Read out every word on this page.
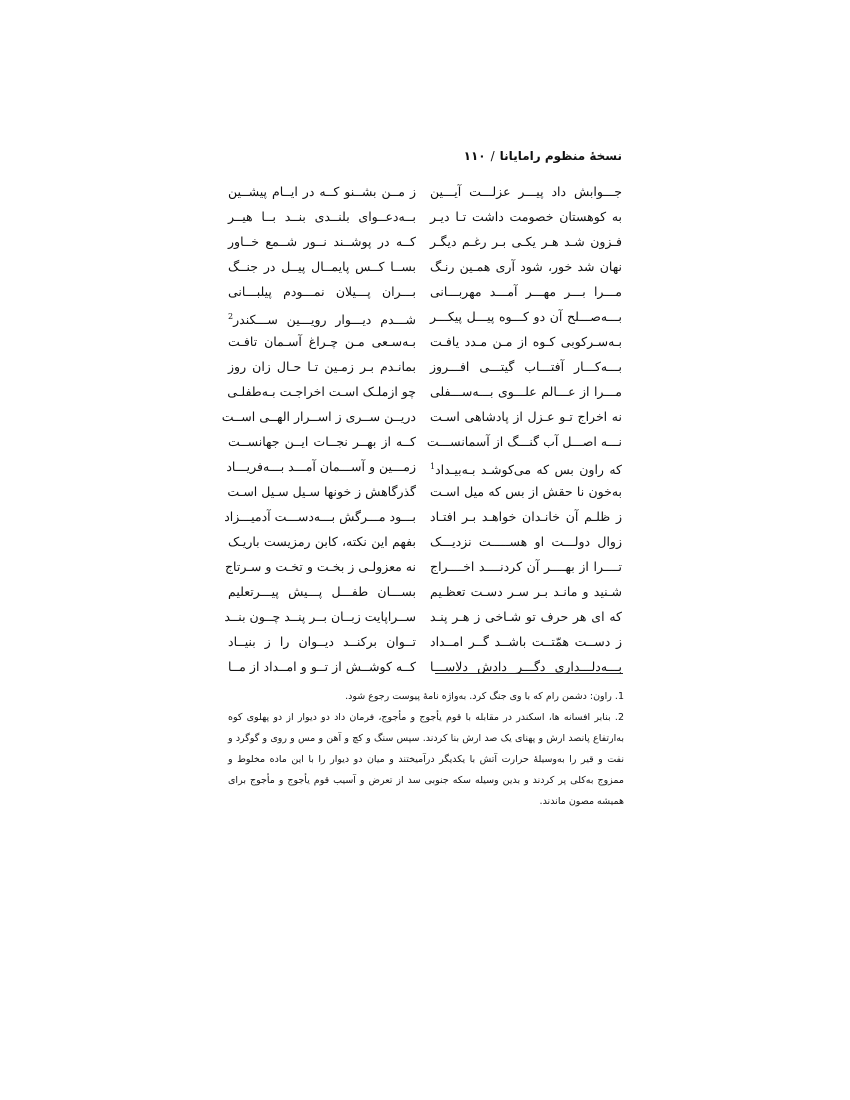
نسخۀ منظوم رامایانا/۱۱۰
جـــوابش داد پیـــر عزلـــت آیـــین
ز مــن بشــنو کــه در ایــام پیشــین
به کوهستان خصومت داشت تـا دیـر
بــه‌دعــوای بلنــدی بنــد بــا هیــر
فـزون شـد هـر یکـی بـر رغـم دیگـر
کــه در پوشــند نــور شــمع خــاور
نهان شد خور، شود آری همـین رنـگ
بســا کــس پایمــال پیــل در جنــگ
مـــرا بـــر مهـــر آمـــد مهربـــانی
بـــران پـــیلان نمـــودم پیلبـــانی
بـــه‌صـــلح آن دو کـــوه پیـــل پیکـــر
شـــدم دیـــوار رویـــین ســـکندر$^2$
بـه‌سـرکوبی کـوه از مـن مـدد یافـت
بـه‌سـعی مـن چـراغ آسـمان تافـت
بـــه‌کـــار آفتـــاب گیتـــی افـــروز
بمانـدم بـر زمـین تـا حـال زان روز
مـــرا از عـــالم علـــوی بـــه‌ســـفلی
چو ازملـک اسـت اخراجـت بـه‌طفلـی
نه اخراج تـو عـزل از پادشاهی اسـت
دریــن ســری ز اســرار الهــی اســت
نـــه اصـــل آب گنـــگ از آسمانســـت
کــه از بهــر نجــات ایــن جهانســت
که راون بس که می‌کوشـد بـه‌بیـداد$^1$
زمـــین و آســـمان آمـــد بـــه‌فریـــاد
به‌خون نا حقش از بس که میل اسـت
گذرگاهش ز خونها سـیل سـیل اسـت
ز ظلـم آن خانـدان خواهـد بـر افتـاد
بـــود مـــرگش بـــه‌دســـت آدمیـــزاد
زوال دولـــت او هســـــت نزدیـــک
بفهم این نکته، کابن رمزیست باریـک
تــــرا از بهــــر آن کردنــــد اخــــراج
نه معزولـی ز بخـت و تخـت و سـرتاج
شـنید و مانـد بـر سـر دسـت تعظـیم
بســـان طفـــل پـــیش پیـــرتعلیم
که ای هر حرف تو شـاخی ز هـر پنـد
ســراپایت زبــان بــر پنــد چــون بنــد
ز دســت همّتــت باشــد گــر امــداد
تــوان برکنــد دیــوان را ز بنیــاد
بـــه‌دلـــداری دگـــر دادش دلاســـا
کــه کوشــش از تــو و امــداد از مــا
1. راون: دشمن رام که با وی جنگ کرد. به‌واژه نامۀ پیوست رجوع شود.
2. بنابر افسانه ها، اسکندر در مقابله با قوم یأجوج و مأجوج، فرمان داد دو دیوار از دو پهلوی کوه به‌ارتفاع پانصد ارش و پهنای یک صد ارش بنا کردند. سپس سنگ و کچ و آهن و مس و روی و گوگرد و نفت و قیر را به‌وسیلۀ حرارت آتش با یکدیگر درآمیختند و میان دو دیوار را با این ماده مخلوط و ممزوج به‌کلی پر کردند و بدین وسیله سکه جنوبی سد از تعرض و آسیب قوم یأجوج و مأجوج برای همیشه مصون ماندند.
